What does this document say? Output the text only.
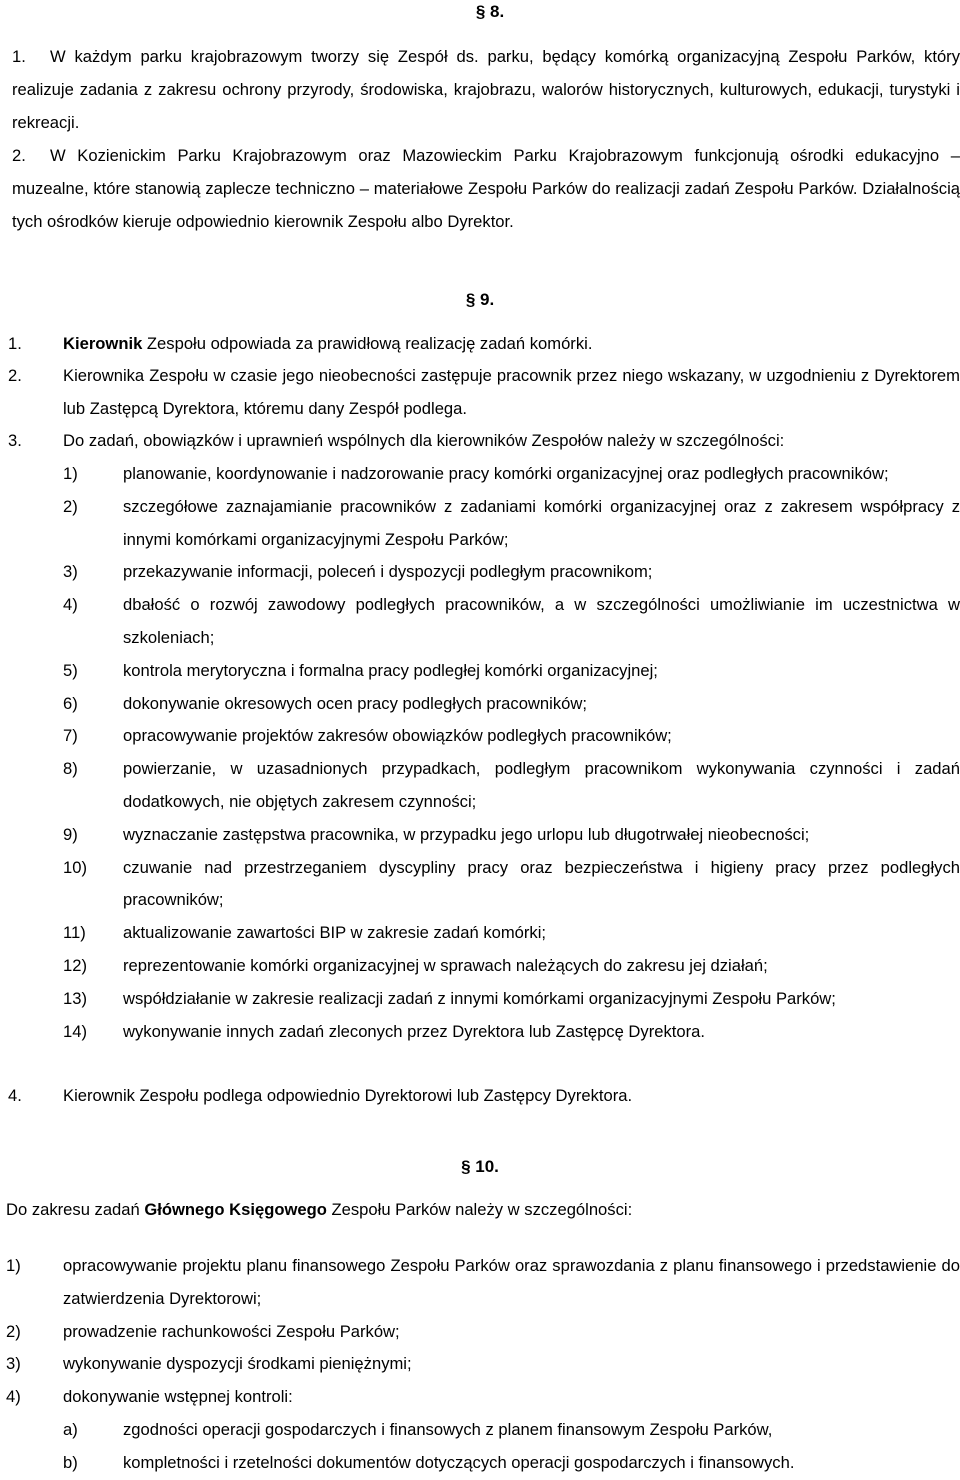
§ 8.
1.	W każdym parku krajobrazowym tworzy się Zespół ds. parku, będący komórką organizacyjną Zespołu Parków, który realizuje zadania z zakresu ochrony przyrody, środowiska, krajobrazu, walorów historycznych, kulturowych, edukacji, turystyki i rekreacji.
2.	W Kozienickim Parku Krajobrazowym oraz Mazowieckim Parku Krajobrazowym funkcjonują ośrodki edukacyjno – muzealne, które stanowią zaplecze techniczno – materiałowe Zespołu Parków do realizacji zadań Zespołu Parków. Działalnością tych ośrodków kieruje odpowiednio kierownik Zespołu albo Dyrektor.
§ 9.
1.	Kierownik Zespołu odpowiada za prawidłową realizację zadań komórki.
2.	Kierownika Zespołu w czasie jego nieobecności zastępuje pracownik przez niego wskazany, w uzgodnieniu z Dyrektorem lub Zastępcą Dyrektora, któremu dany Zespół podlega.
3.	Do zadań, obowiązków i uprawnień wspólnych dla kierowników Zespołów należy w szczególności:
1)	planowanie, koordynowanie i nadzorowanie pracy komórki organizacyjnej oraz podległych pracowników;
2)	szczegółowe zaznajamianie pracowników z zadaniami komórki organizacyjnej oraz z zakresem współpracy z innymi komórkami organizacyjnymi Zespołu Parków;
3)	przekazywanie informacji, poleceń i dyspozycji podległym pracownikom;
4)	dbałość o rozwój zawodowy podległych pracowników, a w szczególności umożliwianie im uczestnictwa w szkoleniach;
5)	kontrola merytoryczna i formalna pracy podległej komórki organizacyjnej;
6)	dokonywanie okresowych ocen pracy podległych pracowników;
7)	opracowywanie projektów zakresów obowiązków podległych pracowników;
8)	powierzanie, w uzasadnionych przypadkach, podległym pracownikom wykonywania czynności i zadań dodatkowych, nie objętych zakresem czynności;
9)	wyznaczanie zastępstwa pracownika, w przypadku jego urlopu lub długotrwałej nieobecności;
10)	czuwanie nad przestrzeganiem dyscypliny pracy oraz bezpieczeństwa i higieny pracy przez podległych pracowników;
11)	aktualizowanie zawartości BIP w zakresie zadań komórki;
12)	reprezentowanie komórki organizacyjnej w sprawach należących do zakresu jej działań;
13)	współdziałanie w zakresie realizacji zadań z innymi komórkami organizacyjnymi Zespołu Parków;
14)	wykonywanie innych zadań zleconych przez Dyrektora lub Zastępcę Dyrektora.
4.	Kierownik Zespołu podlega odpowiednio Dyrektorowi lub Zastępcy Dyrektora.
§ 10.
Do zakresu zadań Głównego Księgowego Zespołu Parków należy w szczególności:
1)	opracowywanie projektu planu finansowego Zespołu Parków oraz sprawozdania z planu finansowego i przedstawienie do zatwierdzenia Dyrektorowi;
2)	prowadzenie rachunkowości Zespołu Parków;
3)	wykonywanie dyspozycji środkami pieniężnymi;
4)	dokonywanie wstępnej kontroli:
a)	zgodności operacji gospodarczych i finansowych z planem finansowym Zespołu Parków,
b)	kompletności i rzetelności dokumentów dotyczących operacji gospodarczych i finansowych.
